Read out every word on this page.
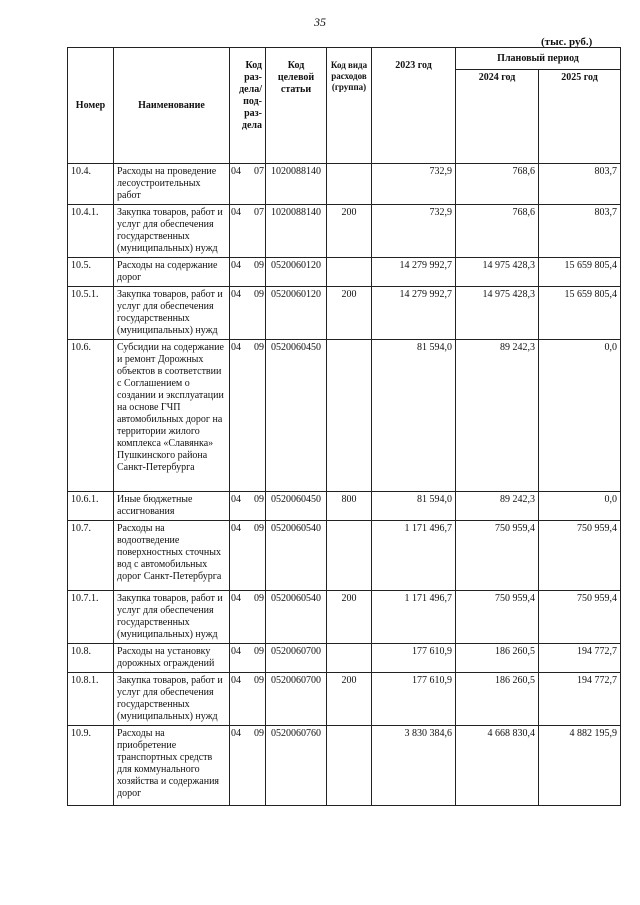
35
(тыс. руб.)
Номер	Наименование	Код раз-дела/ под-раз-дела	Код целевой статьи	Код вида расходов (группа)	2023 год	Плановый период	
						2024 год	2025 год
10.4.	Расходы на проведение лесоустроительных работ	04 07	1020088140		732,9	768,6	803,7
10.4.1.	Закупка товаров, работ и услуг для обеспечения государственных (муниципальных) нужд	04 07	1020088140	200	732,9	768,6	803,7
10.5.	Расходы на содержание дорог	04 09	0520060120		14 279 992,7	14 975 428,3	15 659 805,4
10.5.1.	Закупка товаров, работ и услуг для обеспечения государственных (муниципальных) нужд	04 09	0520060120	200	14 279 992,7	14 975 428,3	15 659 805,4
10.6.	Субсидии на содержание и ремонт Дорожных объектов в соответствии с Соглашением о создании и эксплуатации на основе ГЧП автомобильных дорог на территории жилого комплекса «Славянка» Пушкинского района Санкт-Петербурга	04 09	0520060450		81 594,0	89 242,3	0,0
10.6.1.	Иные бюджетные ассигнования	04 09	0520060450	800	81 594,0	89 242,3	0,0
10.7.	Расходы на водоотведение поверхностных сточных вод с автомобильных дорог Санкт-Петербурга	04 09	0520060540		1 171 496,7	750 959,4	750 959,4
10.7.1.	Закупка товаров, работ и услуг для обеспечения государственных (муниципальных) нужд	04 09	0520060540	200	1 171 496,7	750 959,4	750 959,4
10.8.	Расходы на установку дорожных ограждений	04 09	0520060700		177 610,9	186 260,5	194 772,7
10.8.1.	Закупка товаров, работ и услуг для обеспечения государственных (муниципальных) нужд	04 09	0520060700	200	177 610,9	186 260,5	194 772,7
10.9.	Расходы на приобретение транспортных средств для коммунального хозяйства и содержания дорог	04 09	0520060760		3 830 384,6	4 668 830,4	4 882 195,9
